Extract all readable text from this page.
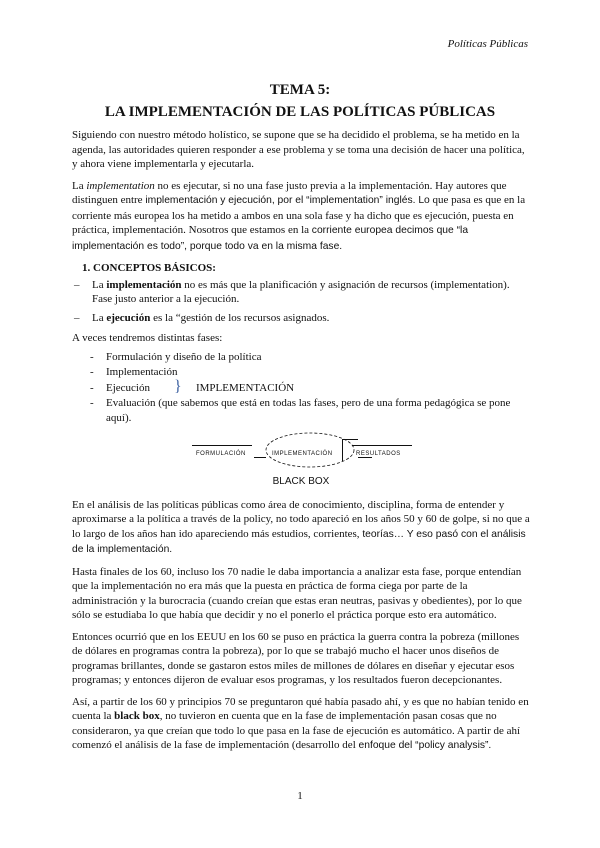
Políticas Públicas
TEMA 5:
LA IMPLEMENTACIÓN DE LAS POLÍTICAS PÚBLICAS

Siguiendo con nuestro método holístico, se supone que se ha decidido el problema, se ha metido en la agenda, las autoridades quieren responder a ese problema y se toma una decisión de hacer una política, y ahora viene implementarla y ejecutarla.

La implementation no es ejecutar, si no una fase justo previa a la implementación. Hay autores que distinguen entre implementación y ejecución, por el “implementation” inglés. Lo que pasa es que en la corriente más europea los ha metido a ambos en una sola fase y ha dicho que es ejecución, puesta en práctica, implementación. Nosotros que estamos en la corriente europea decimos que “la implementación es todo”, porque todo va en la misma fase.

1. CONCEPTOS BÁSICOS:
– La implementación no es más que la planificación y asignación de recursos (implementation). Fase justo anterior a la ejecución.
– La ejecución es la “gestión de los recursos asignados.

A veces tendremos distintas fases:

- Formulación y diseño de la política
- Implementación
- Ejecución } IMPLEMENTACIÓN
- Evaluación (que sabemos que está en todas las fases, pero de una forma pedagógica se pone aquí).
FORMULACIÓN	IMPLEMENTACIÓN	RESULTADOS
BLACK BOX

En el análisis de las políticas públicas como área de conocimiento, disciplina, forma de entender y aproximarse a la política a través de la policy, no todo apareció en los años 50 y 60 de golpe, si no que a lo largo de los años han ido apareciendo más estudios, corrientes, teorías… Y eso pasó con el análisis de la implementación.

Hasta finales de los 60, incluso los 70 nadie le daba importancia a analizar esta fase, porque entendían que la implementación no era más que la puesta en práctica de forma ciega por parte de la administración y la burocracia (cuando creían que estas eran neutras, pasivas y obedientes), por lo que sólo se estudiaba lo que había que decidir y no el ponerlo el práctica porque esto era automático.

Entonces ocurrió que en los EEUU en los 60 se puso en práctica la guerra contra la pobreza (millones de dólares en programas contra la pobreza), por lo que se trabajó mucho el hacer unos diseños de programas brillantes, donde se gastaron estos miles de millones de dólares en diseñar y ejecutar esos programas; y entonces dijeron de evaluar esos programas, y los resultados fueron decepcionantes.

Así, a partir de los 60 y principios 70 se preguntaron qué había pasado ahí, y es que no habían tenido en cuenta la black box, no tuvieron en cuenta que en la fase de implementación pasan cosas que no consideraron, ya que creían que todo lo que pasa en la fase de ejecución es automático. A partir de ahí comenzó el análisis de la fase de implementación (desarrollo del enfoque del “policy analysis”.

1
